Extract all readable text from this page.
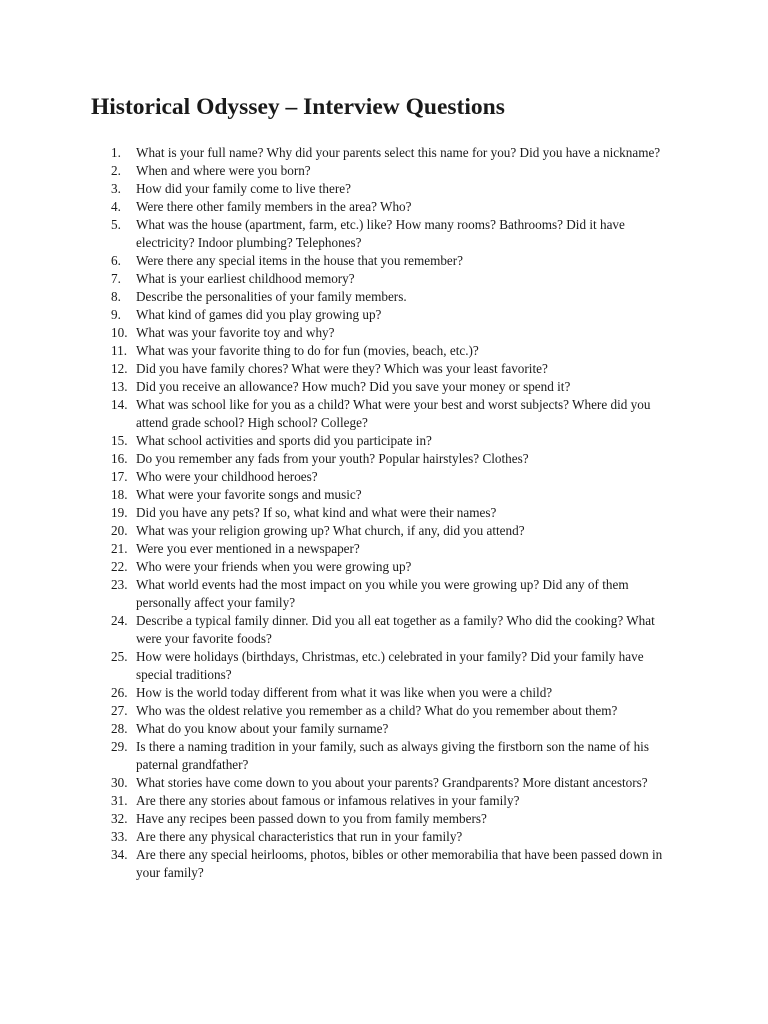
Historical Odyssey – Interview Questions
1.	What is your full name? Why did your parents select this name for you? Did you have a nickname?
2.	When and where were you born?
3.	How did your family come to live there?
4.	Were there other family members in the area? Who?
5.	What was the house (apartment, farm, etc.) like? How many rooms? Bathrooms? Did it have electricity? Indoor plumbing? Telephones?
6.	Were there any special items in the house that you remember?
7.	What is your earliest childhood memory?
8.	Describe the personalities of your family members.
9.	What kind of games did you play growing up?
10. What was your favorite toy and why?
11. What was your favorite thing to do for fun (movies, beach, etc.)?
12. Did you have family chores? What were they? Which was your least favorite?
13. Did you receive an allowance? How much? Did you save your money or spend it?
14. What was school like for you as a child? What were your best and worst subjects? Where did you attend grade school? High school? College?
15. What school activities and sports did you participate in?
16. Do you remember any fads from your youth? Popular hairstyles? Clothes?
17. Who were your childhood heroes?
18. What were your favorite songs and music?
19. Did you have any pets? If so, what kind and what were their names?
20. What was your religion growing up? What church, if any, did you attend?
21. Were you ever mentioned in a newspaper?
22. Who were your friends when you were growing up?
23. What world events had the most impact on you while you were growing up? Did any of them personally affect your family?
24. Describe a typical family dinner. Did you all eat together as a family? Who did the cooking? What were your favorite foods?
25. How were holidays (birthdays, Christmas, etc.) celebrated in your family? Did your family have special traditions?
26. How is the world today different from what it was like when you were a child?
27. Who was the oldest relative you remember as a child? What do you remember about them?
28. What do you know about your family surname?
29. Is there a naming tradition in your family, such as always giving the firstborn son the name of his paternal grandfather?
30. What stories have come down to you about your parents? Grandparents? More distant ancestors?
31. Are there any stories about famous or infamous relatives in your family?
32. Have any recipes been passed down to you from family members?
33. Are there any physical characteristics that run in your family?
34. Are there any special heirlooms, photos, bibles or other memorabilia that have been passed down in your family?
